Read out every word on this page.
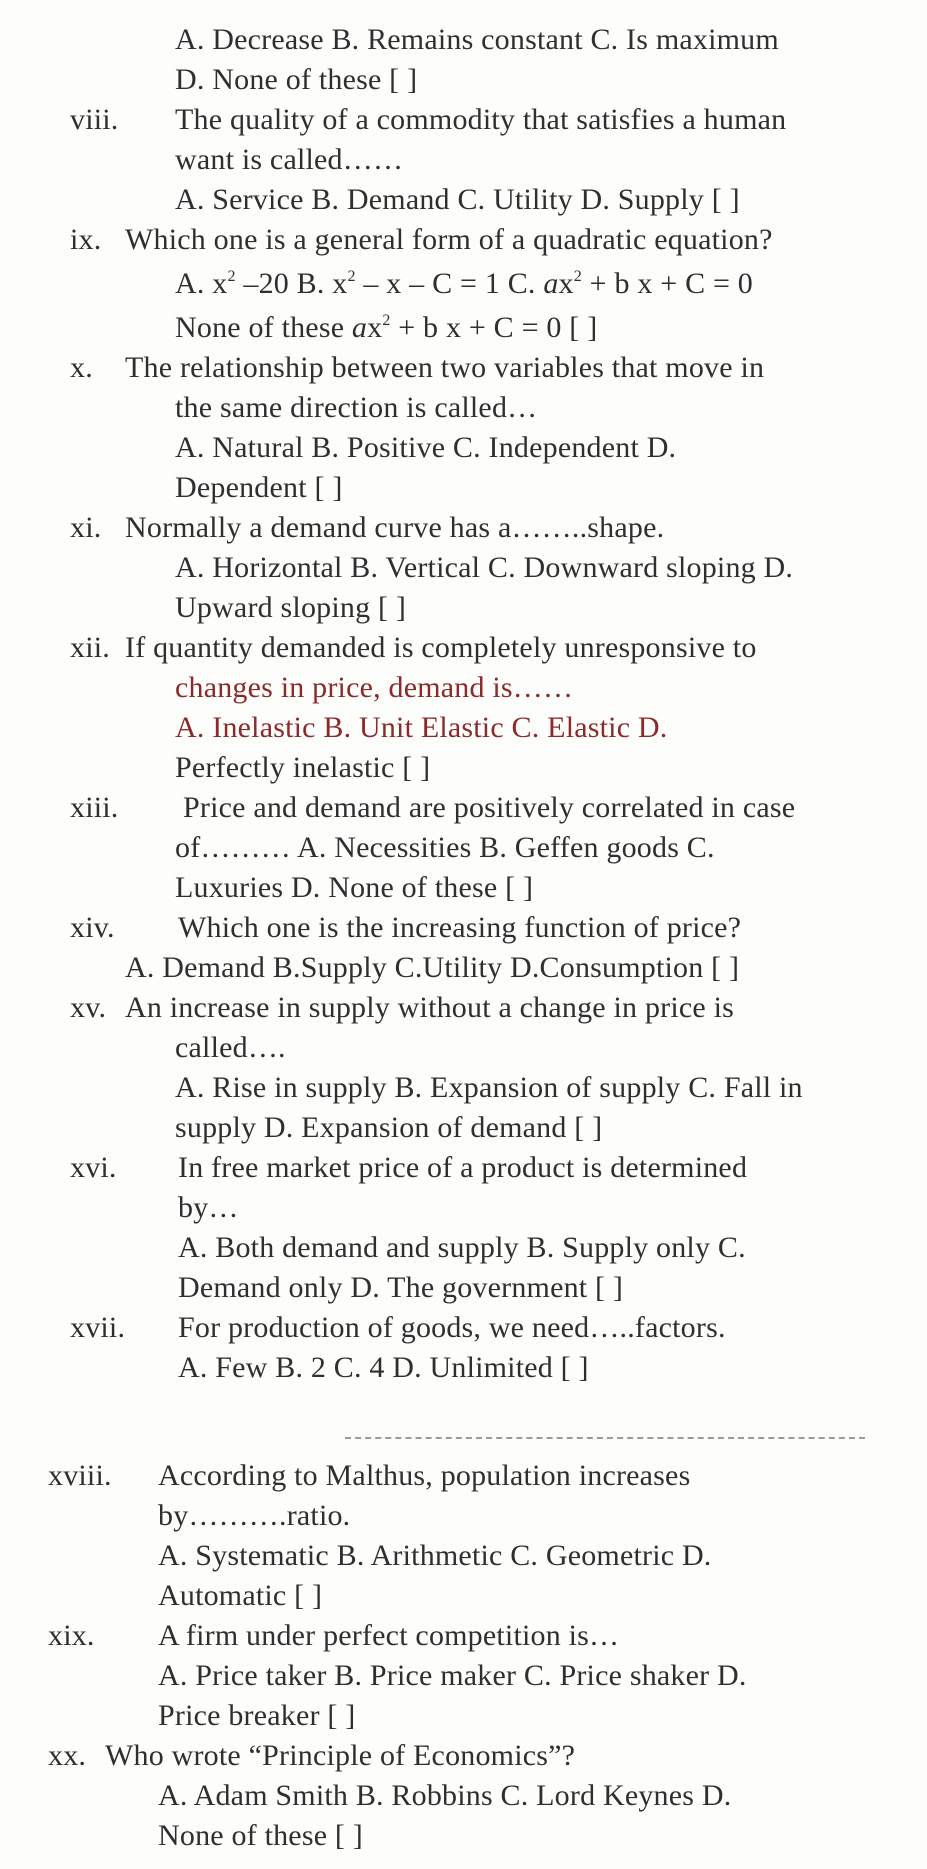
A. Decrease B. Remains constant C. Is maximum
D. None of these [ ]
viii. The quality of a commodity that satisfies a human
want is called……
A. Service B. Demand C. Utility D. Supply [ ]
ix. Which one is a general form of a quadratic equation?
A. $x^2$ –20 B. $x^2 - x - C = 1$ C. $ax^2 + b$ x + C = 0
None of these $ax^2 + b$ x + C = 0 [ ]
x. The relationship between two variables that move in
the same direction is called…
A. Natural B. Positive C. Independent D.
Dependent [ ]
xi. Normally a demand curve has a……..shape.
A. Horizontal B. Vertical C. Downward sloping D.
Upward sloping [ ]
xii. If quantity demanded is completely unresponsive to
changes in price, demand is……
A. Inelastic B. Unit Elastic C. Elastic D.
Perfectly inelastic [ ]
xiii. Price and demand are positively correlated in case
of……… A. Necessities B. Geffen goods C.
Luxuries D. None of these [ ]
xiv. Which one is the increasing function of price?
A. Demand B.Supply C.Utility D.Consumption [ ]
xv. An increase in supply without a change in price is
called….
A. Rise in supply B. Expansion of supply C. Fall in
supply D. Expansion of demand [ ]
xvi. In free market price of a product is determined
by…
A. Both demand and supply B. Supply only C.
Demand only D. The government [ ]
xvii. For production of goods, we need…..factors.
A. Few B. 2 C. 4 D. Unlimited [ ]
xviii. According to Malthus, population increases
by……….ratio.
A. Systematic B. Arithmetic C. Geometric D.
Automatic [ ]
xix. A firm under perfect competition is…
A. Price taker B. Price maker C. Price shaker D.
Price breaker [ ]
xx. Who wrote “Principle of Economics”?
A. Adam Smith B. Robbins C. Lord Keynes D.
None of these [ ]
